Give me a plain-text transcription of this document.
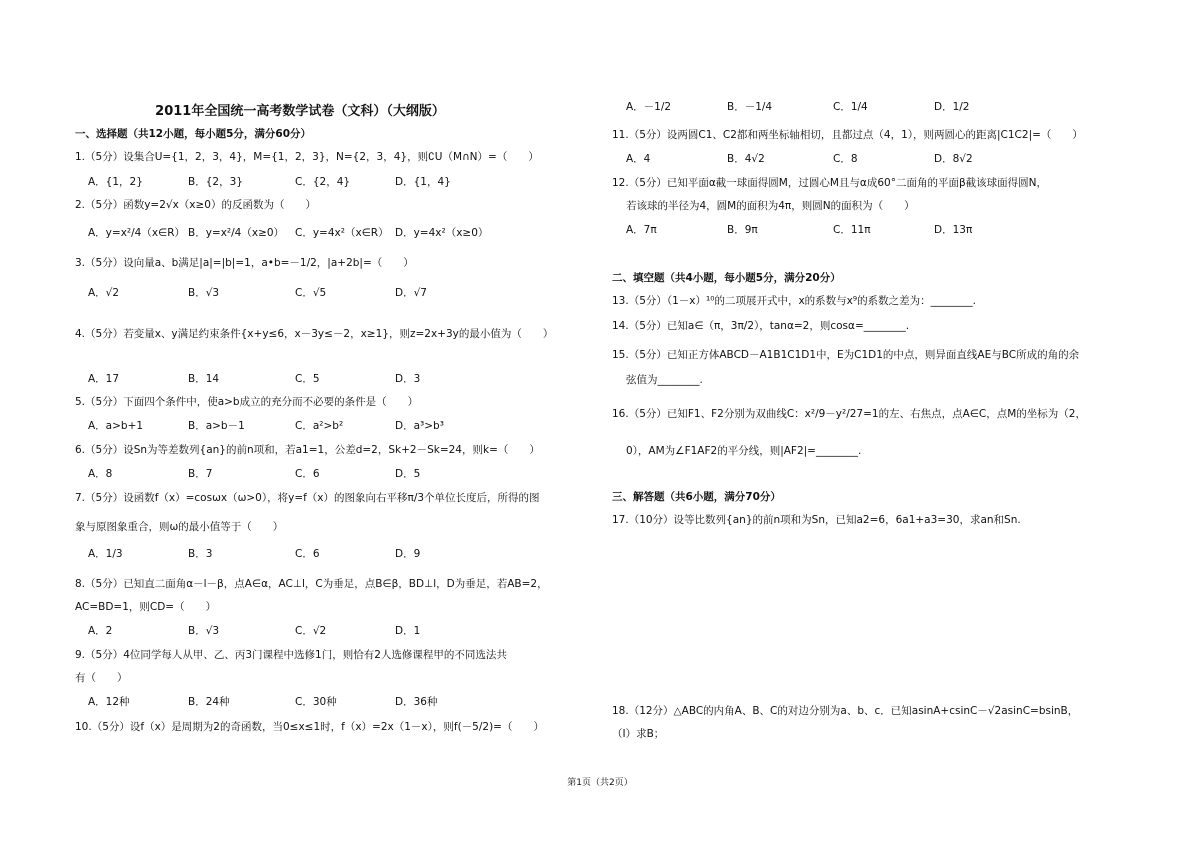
2011年全国统一高考数学试卷（文科）（大纲版）
一、选择题（共12小题，每小题5分，满分60分）
1.（5分）设集合U={1，2，3，4}，M={1，2，3}，N={2，3，4}，则∁U（M∩N）=（　　）
A．{1，2}	B．{2，3}	C．{2，4}	D．{1，4}
2.（5分）函数y=2√x（x≥0）的反函数为（　　）
A．y=x²/4（x∈R） B．y=x²/4（x≥0） C．y=4x²（x∈R） D．y=4x²（x≥0）
3.（5分）设向量a、b满足|a|=|b|=1，a•b=－1/2，|a+2b|=（　　）
A．√2	B．√3	C．√5	D．√7
4.（5分）若变量x、y满足约束条件{x+y≤6，x－3y≤－2，x≥1}，则z=2x+3y的最小值为（　　）
A．17	B．14	C．5	D．3
5.（5分）下面四个条件中，使a>b成立的充分而不必要的条件是（　　）
A．a>b+1	B．a>b－1	C．a²>b²	D．a³>b³
6.（5分）设Sn为等差数列{an}的前n项和，若a1=1，公差d=2，Sk+2－Sk=24，则k=（　　）
A．8	B．7	C．6	D．5
7.（5分）设函数f（x）=cosωx（ω>0），将y=f（x）的图象向右平移π/3个单位长度后，所得的图
象与原图象重合，则ω的最小值等于（　　）
A．1/3	B．3	C．6	D．9
8.（5分）已知直二面角α－l－β，点A∈α，AC⊥l，C为垂足，点B∈β，BD⊥l，D为垂足，若AB=2，
AC=BD=1，则CD=（　　）
A．2	B．√3	C．√2	D．1
9.（5分）4位同学每人从甲、乙、丙3门课程中选修1门，则恰有2人选修课程甲的不同选法共
有（　　）
A．12种	B．24种	C．30种	D．36种
10.（5分）设f（x）是周期为2的奇函数，当0≤x≤1时，f（x）=2x（1－x），则f(－5/2)=（　　）
A．－1/2	B．－1/4	C．1/4	D．1/2
11.（5分）设两圆C1、C2都和两坐标轴相切，且都过点（4，1），则两圆心的距离|C1C2|=（　　）
A．4	B．4√2	C．8	D．8√2
12.（5分）已知平面α截一球面得圆M，过圆心M且与α成60°二面角的平面β截该球面得圆N，
若该球的半径为4，圆M的面积为4π，则圆N的面积为（　　）
A．7π	B．9π	C．11π	D．13π
二、填空题（共4小题，每小题5分，满分20分）
13.（5分）（1－x）¹⁰的二项展开式中，x的系数与x⁹的系数之差为：________.
14.（5分）已知a∈（π，3π/2），tanα=2，则cosα=________.
15.（5分）已知正方体ABCD－A1B1C1D1中，E为C1D1的中点，则异面直线AE与BC所成的角的余
弦值为________.
16.（5分）已知F1、F2分别为双曲线C：x²/9－y²/27=1的左、右焦点，点A∈C，点M的坐标为（2，
0），AM为∠F1AF2的平分线，则|AF2|=________.
三、解答题（共6小题，满分70分）
17.（10分）设等比数列{an}的前n项和为Sn，已知a2=6，6a1+a3=30，求an和Sn.
18.（12分）△ABC的内角A、B、C的对边分别为a、b、c．已知asinA+csinC－√2asinC=bsinB，
（Ⅰ）求B；
第1页（共2页）
